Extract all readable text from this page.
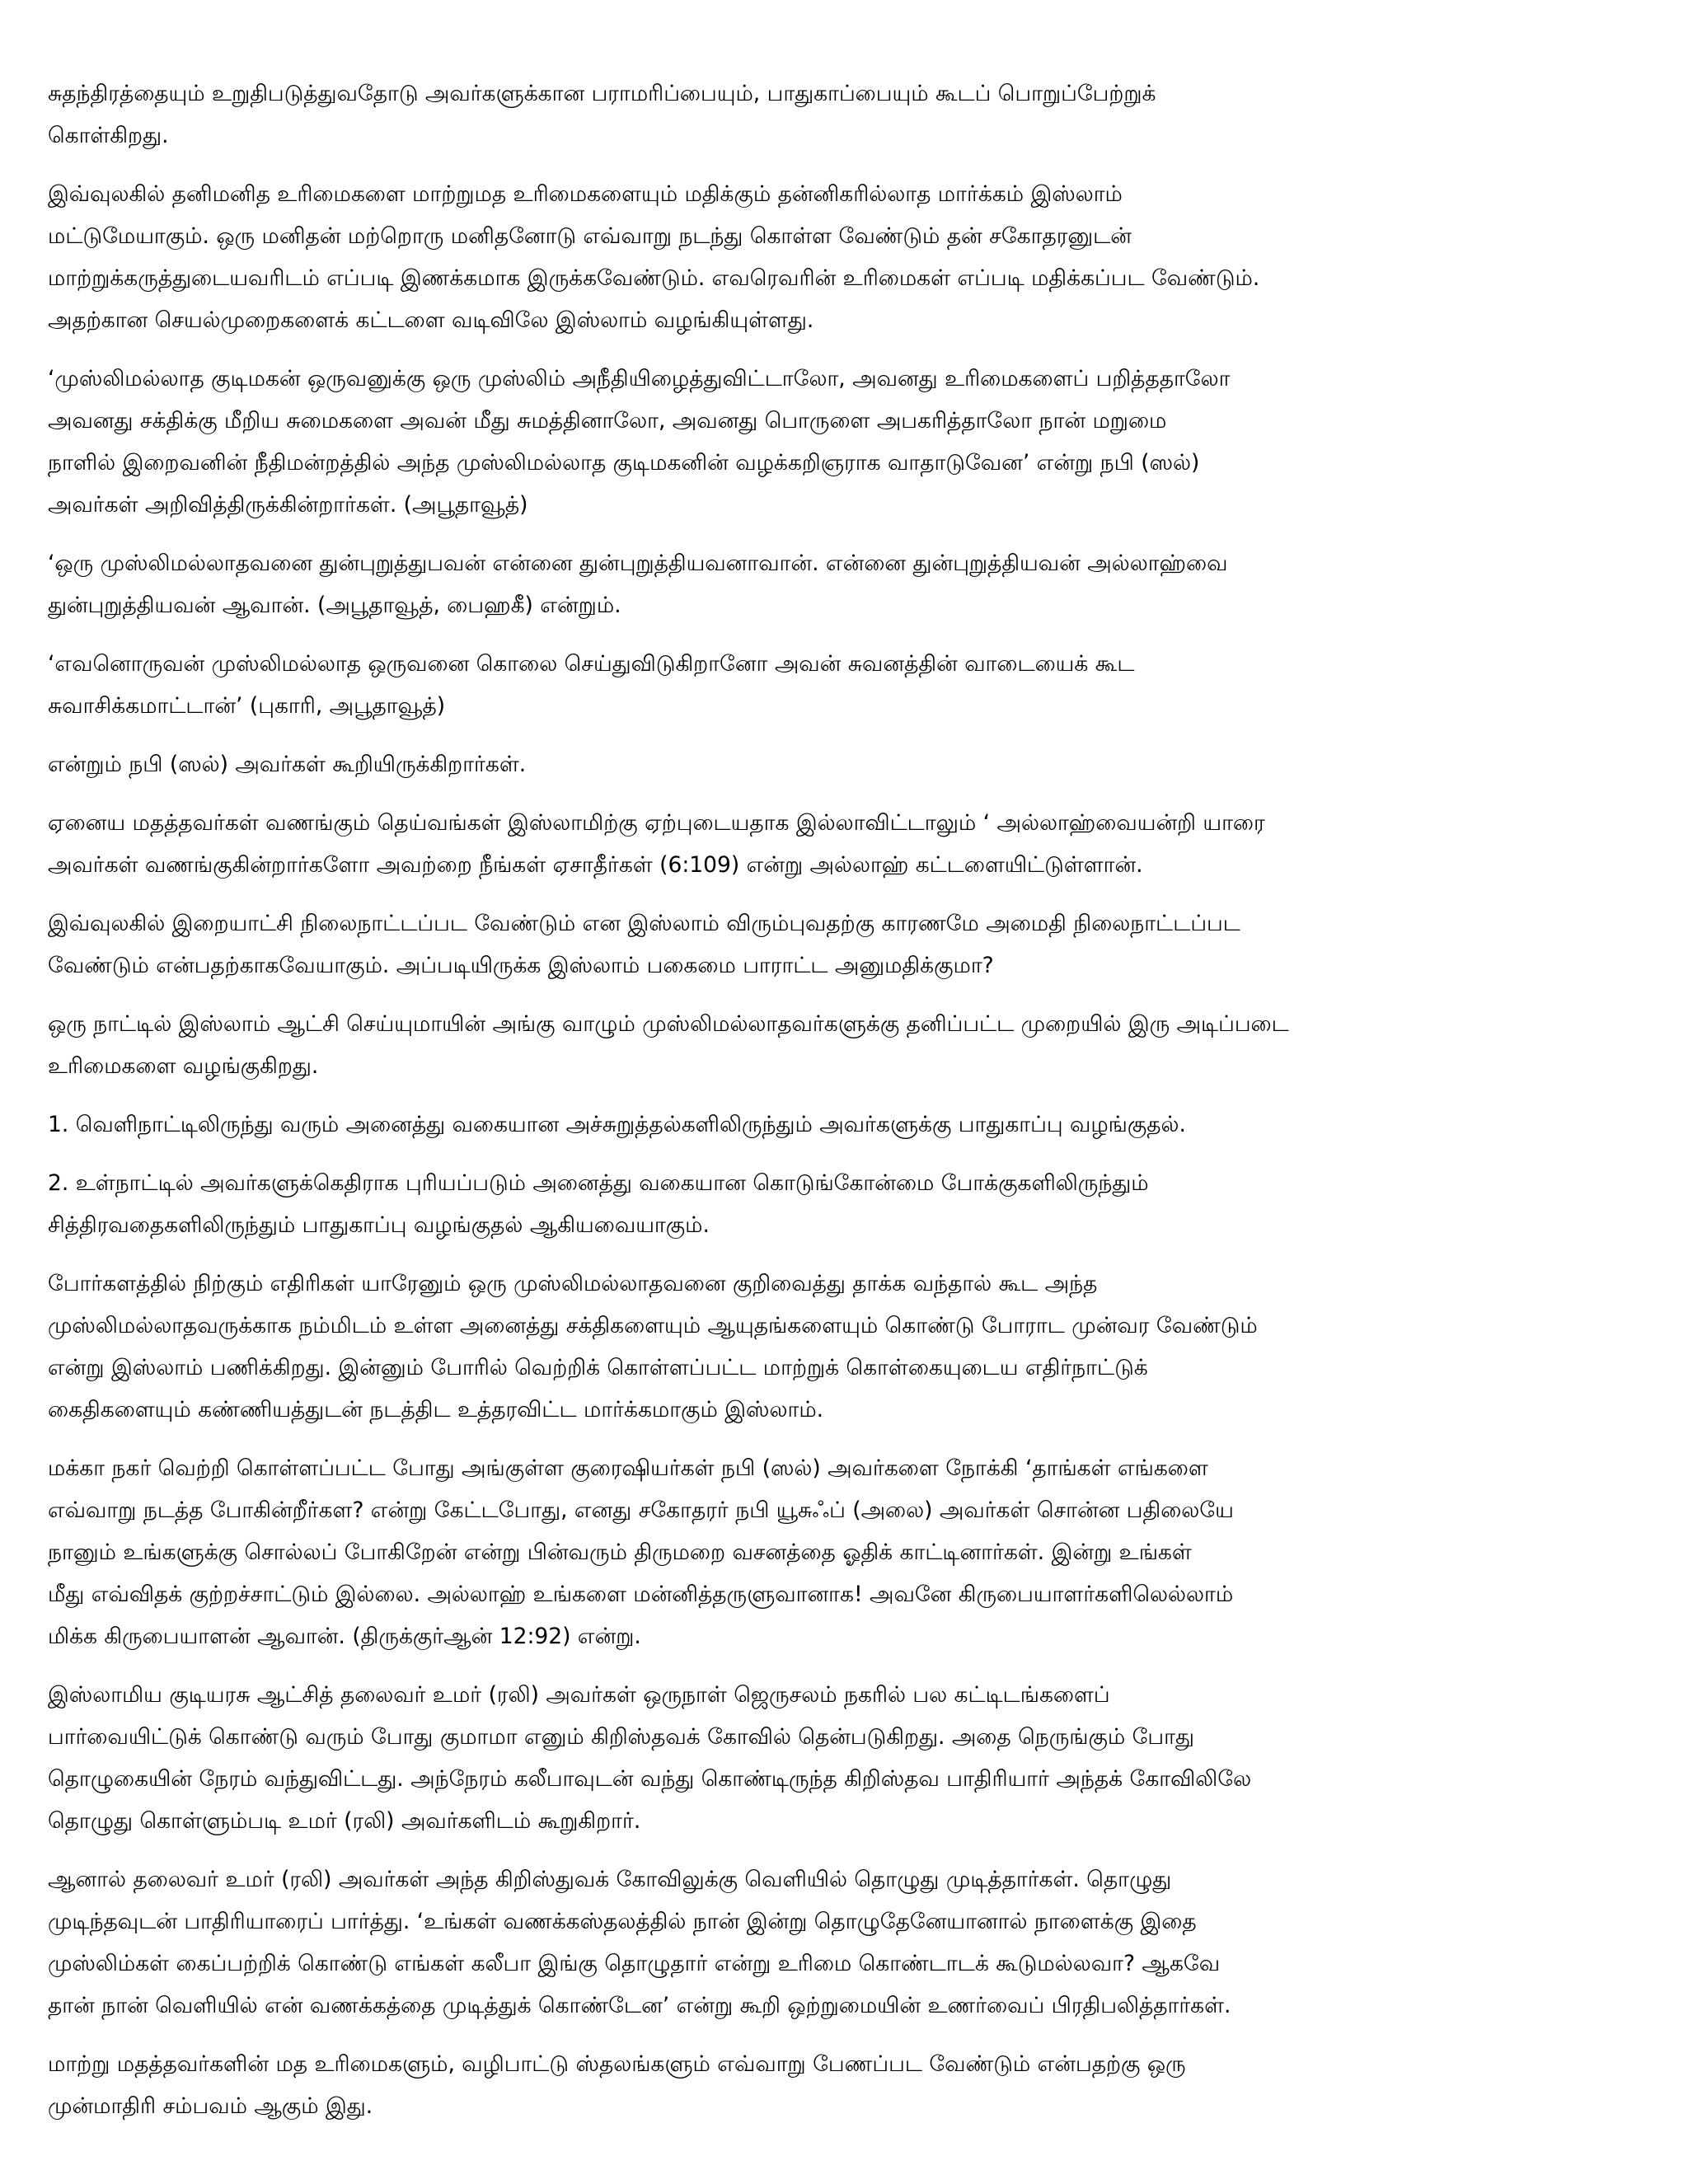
சுதந்திரத்தையும் உறுதிபடுத்துவதோடு அவர்களுக்கான பராமரிப்பையும், பாதுகாப்பையும் கூடப் பொறுப்பேற்றுக்
கொள்கிறது.

இவ்வுலகில் தனிமனித உரிமைகளை மாற்றுமத உரிமைகளையும் மதிக்கும் தன்னிகரில்லாத மார்க்கம் இஸ்லாம்
மட்டுமேயாகும். ஒரு மனிதன் மற்றொரு மனிதனோடு எவ்வாறு நடந்து கொள்ள வேண்டும் தன் சகோதரனுடன்
மாற்றுக்கருத்துடையவரிடம் எப்படி இணக்கமாக இருக்கவேண்டும். எவரெவரின் உரிமைகள் எப்படி மதிக்கப்பட வேண்டும்.
அதற்கான செயல்முறைகளைக் கட்டளை வடிவிலே இஸ்லாம் வழங்கியுள்ளது.

‘முஸ்லிமல்லாத குடிமகன் ஒருவனுக்கு ஒரு முஸ்லிம் அநீதியிழைத்துவிட்டாலோ, அவனது உரிமைகளைப் பறித்ததாலோ
அவனது சக்திக்கு மீறிய சுமைகளை அவன் மீது சுமத்தினாலோ, அவனது பொருளை அபகரித்தாலோ நான் மறுமை
நாளில் இறைவனின் நீதிமன்றத்தில் அந்த முஸ்லிமல்லாத குடிமகனின் வழக்கறிஞராக வாதாடுவேன’ என்று நபி (ஸல்)
அவர்கள் அறிவித்திருக்கின்றார்கள். (அபூதாவூத்)

‘ஒரு முஸ்லிமல்லாதவனை துன்புறுத்துபவன் என்னை துன்புறுத்தியவனாவான். என்னை துன்புறுத்தியவன் அல்லாஹ்வை
துன்புறுத்தியவன் ஆவான். (அபூதாவூத், பைஹகீ) என்றும்.

‘எவனொருவன் முஸ்லிமல்லாத ஒருவனை கொலை செய்துவிடுகிறானோ அவன் சுவனத்தின் வாடையைக் கூட
சுவாசிக்கமாட்டான்’ (புகாரி, அபூதாவூத்)

என்றும் நபி (ஸல்) அவர்கள் கூறியிருக்கிறார்கள்.

ஏனைய மதத்தவர்கள் வணங்கும் தெய்வங்கள் இஸ்லாமிற்கு ஏற்புடையதாக இல்லாவிட்டாலும் ‘ அல்லாஹ்வையன்றி யாரை
அவர்கள் வணங்குகின்றார்களோ அவற்றை நீங்கள் ஏசாதீர்கள் (6:109) என்று அல்லாஹ் கட்டளையிட்டுள்ளான்.

இவ்வுலகில் இறையாட்சி நிலைநாட்டப்பட வேண்டும் என இஸ்லாம் விரும்புவதற்கு காரணமே அமைதி நிலைநாட்டப்பட
வேண்டும் என்பதற்காகவேயாகும். அப்படியிருக்க இஸ்லாம் பகைமை பாராட்ட அனுமதிக்குமா?

ஒரு நாட்டில் இஸ்லாம் ஆட்சி செய்யுமாயின் அங்கு வாழும் முஸ்லிமல்லாதவர்களுக்கு தனிப்பட்ட முறையில் இரு அடிப்படை
உரிமைகளை வழங்குகிறது.

1. வெளிநாட்டிலிருந்து வரும் அனைத்து வகையான அச்சுறுத்தல்களிலிருந்தும் அவர்களுக்கு பாதுகாப்பு வழங்குதல்.

2. உள்நாட்டில் அவர்களுக்கெதிராக புரியப்படும் அனைத்து வகையான கொடுங்கோன்மை போக்குகளிலிருந்தும்
சித்திரவதைகளிலிருந்தும் பாதுகாப்பு வழங்குதல் ஆகியவையாகும்.

போர்களத்தில் நிற்கும் எதிரிகள் யாரேனும் ஒரு முஸ்லிமல்லாதவனை குறிவைத்து தாக்க வந்தால் கூட அந்த
முஸ்லிமல்லாதவருக்காக நம்மிடம் உள்ள அனைத்து சக்திகளையும் ஆயுதங்களையும் கொண்டு போராட முன்வர வேண்டும்
என்று இஸ்லாம் பணிக்கிறது. இன்னும் போரில் வெற்றிக் கொள்ளப்பட்ட மாற்றுக் கொள்கையுடைய எதிர்நாட்டுக்
கைதிகளையும் கண்ணியத்துடன் நடத்திட உத்தரவிட்ட மார்க்கமாகும் இஸ்லாம்.

மக்கா நகர் வெற்றி கொள்ளப்பட்ட போது அங்குள்ள குரைஷியர்கள் நபி (ஸல்) அவர்களை நோக்கி ‘தாங்கள் எங்களை
எவ்வாறு நடத்த போகின்றீர்கள? என்று கேட்டபோது, எனது சகோதரர் நபி யூசுஃப் (அலை) அவர்கள் சொன்ன பதிலையே
நானும் உங்களுக்கு சொல்லப் போகிறேன் என்று பின்வரும் திருமறை வசனத்தை ஓதிக் காட்டினார்கள். இன்று உங்கள்
மீது எவ்விதக் குற்றச்சாட்டும் இல்லை. அல்லாஹ் உங்களை மன்னித்தருளுவானாக! அவனே கிருபையாளர்களிலெல்லாம்
மிக்க கிருபையாளன் ஆவான். (திருக்குர்ஆன் 12:92) என்று.

இஸ்லாமிய குடியரசு ஆட்சித் தலைவர் உமர் (ரலி) அவர்கள் ஒருநாள் ஜெருசலம் நகரில் பல கட்டிடங்களைப்
பார்வையிட்டுக் கொண்டு வரும் போது குமாமா எனும் கிறிஸ்தவக் கோவில் தென்படுகிறது. அதை நெருங்கும் போது
தொழுகையின் நேரம் வந்துவிட்டது. அந்நேரம் கலீபாவுடன் வந்து கொண்டிருந்த கிறிஸ்தவ பாதிரியார் அந்தக் கோவிலிலே
தொழுது கொள்ளும்படி உமர் (ரலி) அவர்களிடம் கூறுகிறார்.

ஆனால் தலைவர் உமர் (ரலி) அவர்கள் அந்த கிறிஸ்துவக் கோவிலுக்கு வெளியில் தொழுது முடித்தார்கள். தொழுது
முடிந்தவுடன் பாதிரியாரைப் பார்த்து. ‘உங்கள் வணக்கஸ்தலத்தில் நான் இன்று தொழுதேனேயானால் நாளைக்கு இதை
முஸ்லிம்கள் கைப்பற்றிக் கொண்டு எங்கள் கலீபா இங்கு தொழுதார் என்று உரிமை கொண்டாடக் கூடுமல்லவா? ஆகவே
தான் நான் வெளியில் என் வணக்கத்தை முடித்துக் கொண்டேன’ என்று கூறி ஒற்றுமையின் உணர்வைப் பிரதிபலித்தார்கள்.

மாற்று மதத்தவர்களின் மத உரிமைகளும், வழிபாட்டு ஸ்தலங்களும் எவ்வாறு பேணப்பட வேண்டும் என்பதற்கு ஒரு
முன்மாதிரி சம்பவம் ஆகும் இது.
